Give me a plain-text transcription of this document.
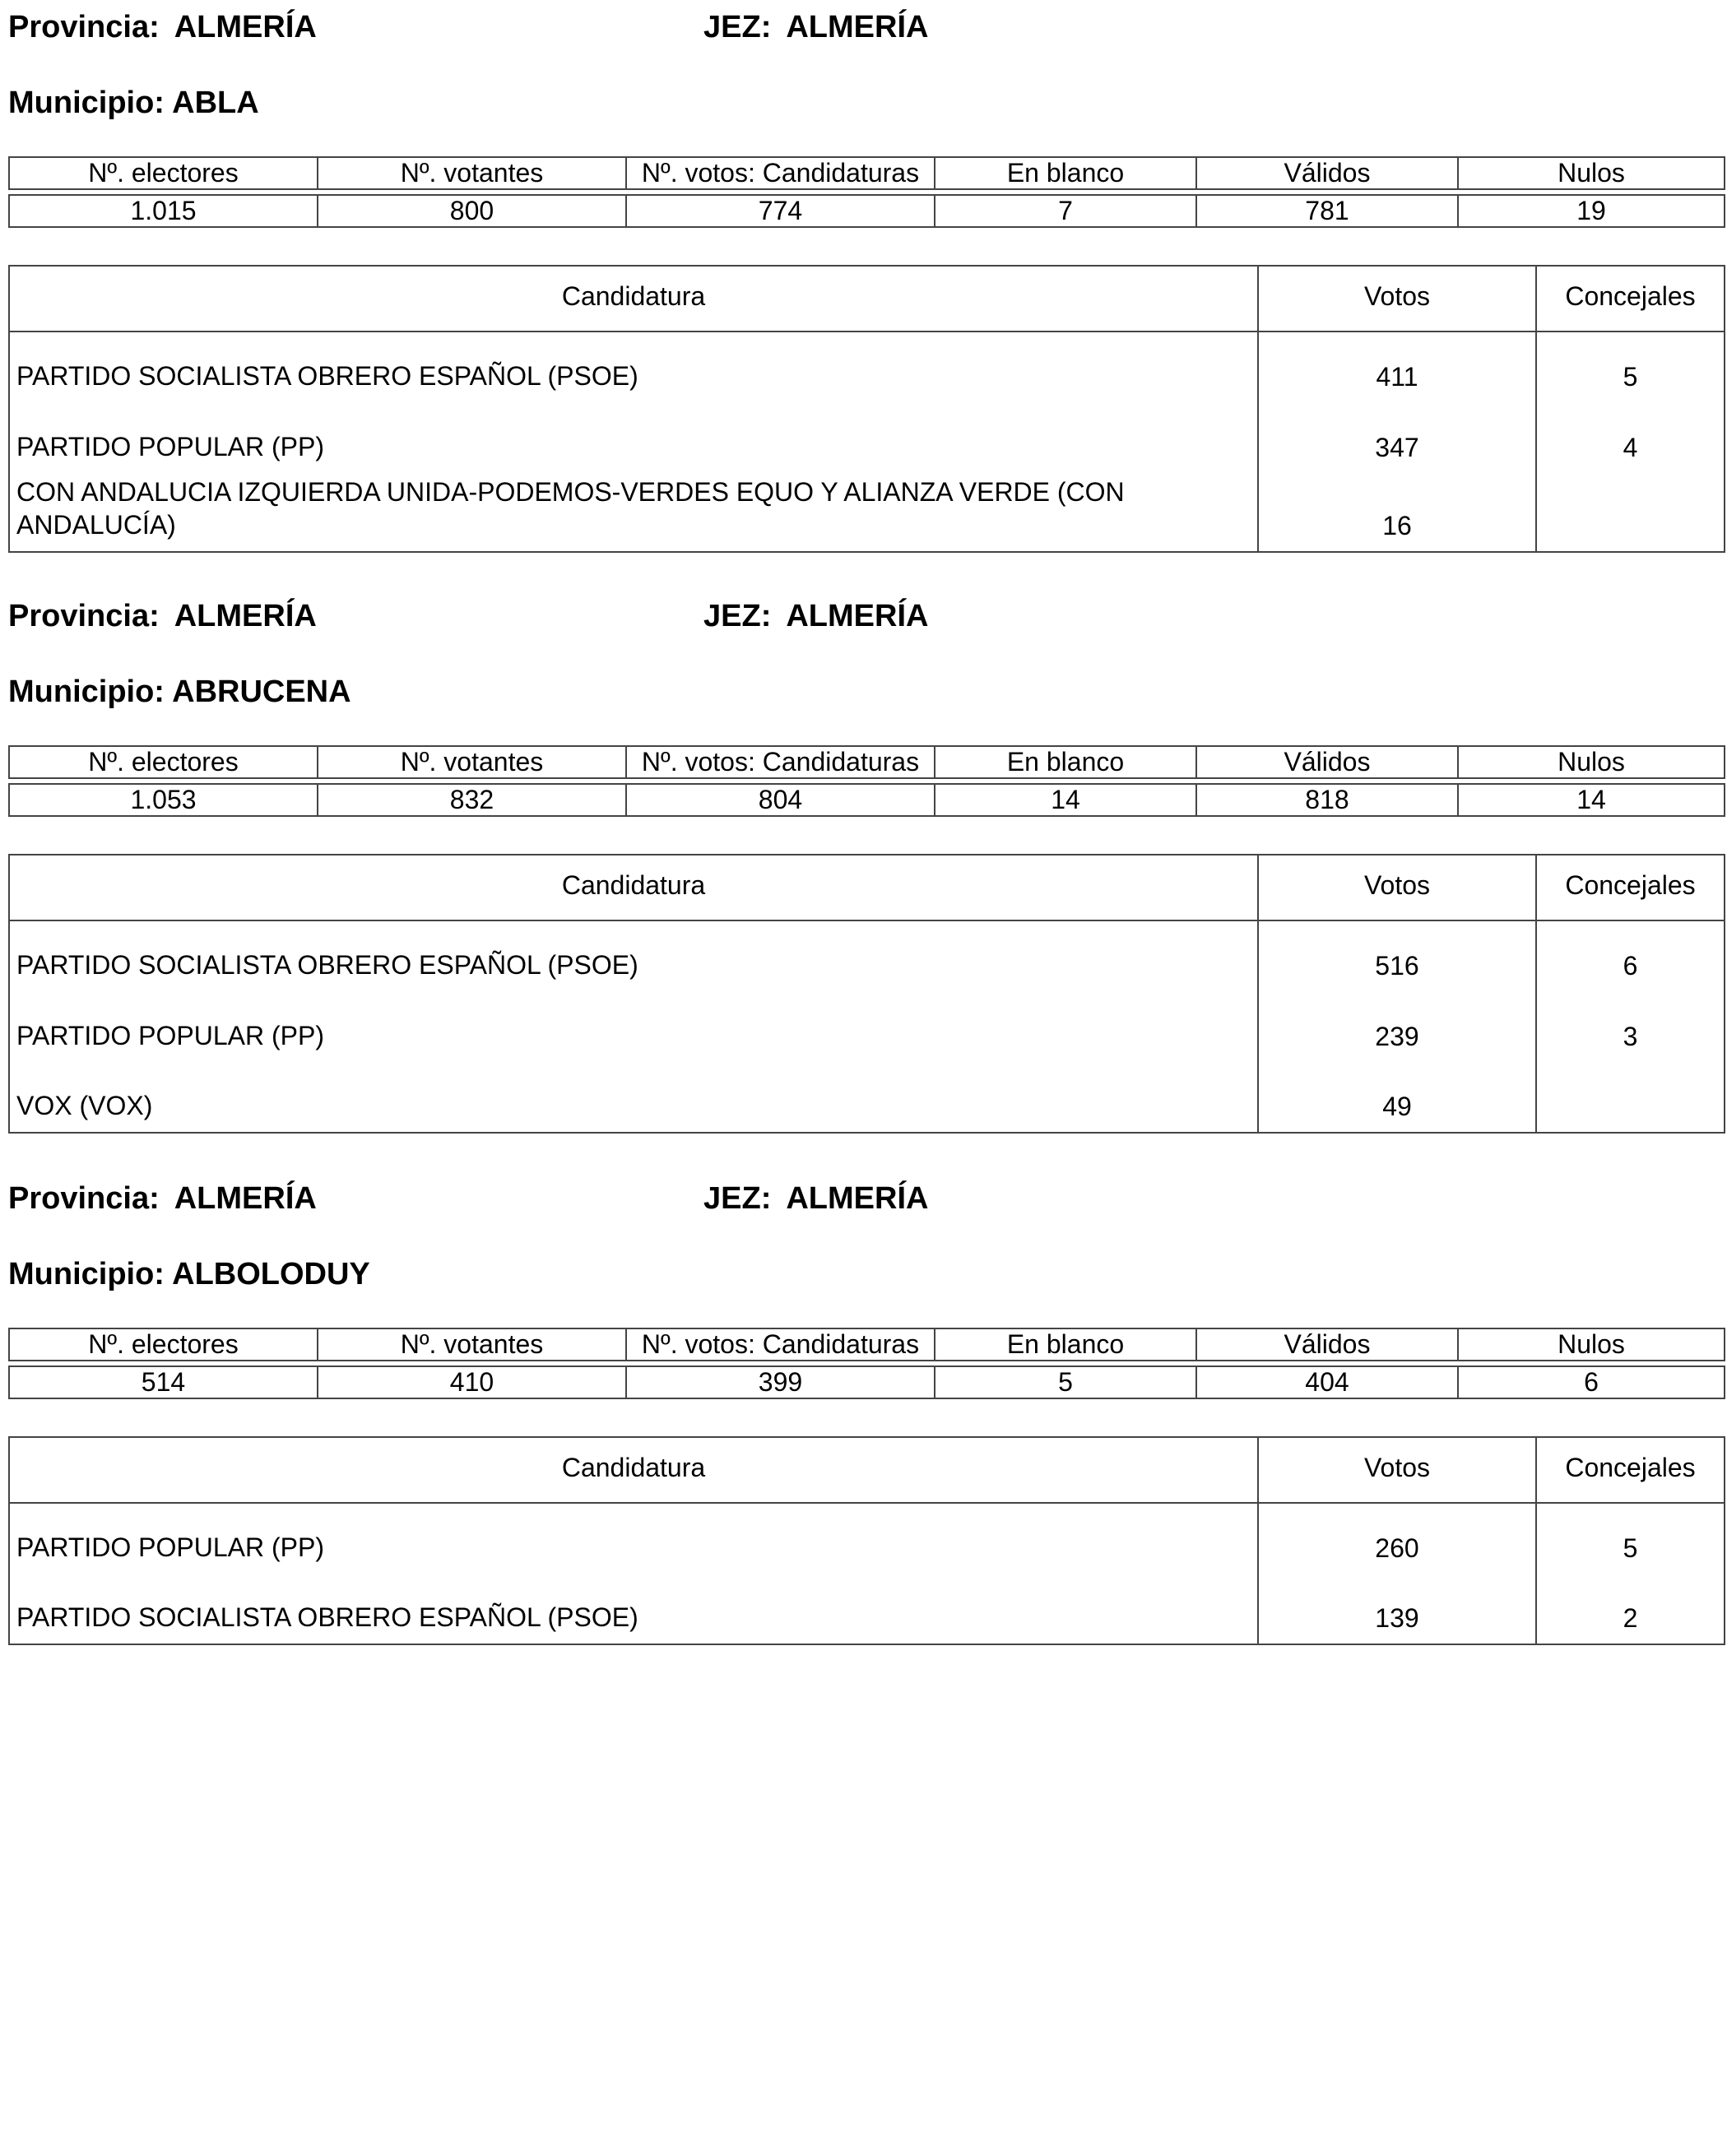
Provincia: ALMERÍA	JEZ: ALMERÍA
Municipio: ABLA
Nº. electores	Nº. votantes	Nº. votos: Candidaturas	En blanco	Válidos	Nulos

1.015	800	774	7	781	19
Candidatura	Votos	Concejales
PARTIDO SOCIALISTA OBRERO ESPAÑOL (PSOE)	411	5
PARTIDO POPULAR (PP)	347	4
CON ANDALUCIA IZQUIERDA UNIDA-PODEMOS-VERDES EQUO Y ALIANZA VERDE (CON ANDALUCÍA)	16	
Provincia: ALMERÍA	JEZ: ALMERÍA
Municipio: ABRUCENA
Nº. electores	Nº. votantes	Nº. votos: Candidaturas	En blanco	Válidos	Nulos

1.053	832	804	14	818	14
Candidatura	Votos	Concejales
PARTIDO SOCIALISTA OBRERO ESPAÑOL (PSOE)	516	6
PARTIDO POPULAR (PP)	239	3
VOX (VOX)	49	
Provincia: ALMERÍA	JEZ: ALMERÍA
Municipio: ALBOLODUY
Nº. electores	Nº. votantes	Nº. votos: Candidaturas	En blanco	Válidos	Nulos

514	410	399	5	404	6
Candidatura	Votos	Concejales
PARTIDO POPULAR (PP)	260	5
PARTIDO SOCIALISTA OBRERO ESPAÑOL (PSOE)	139	2
